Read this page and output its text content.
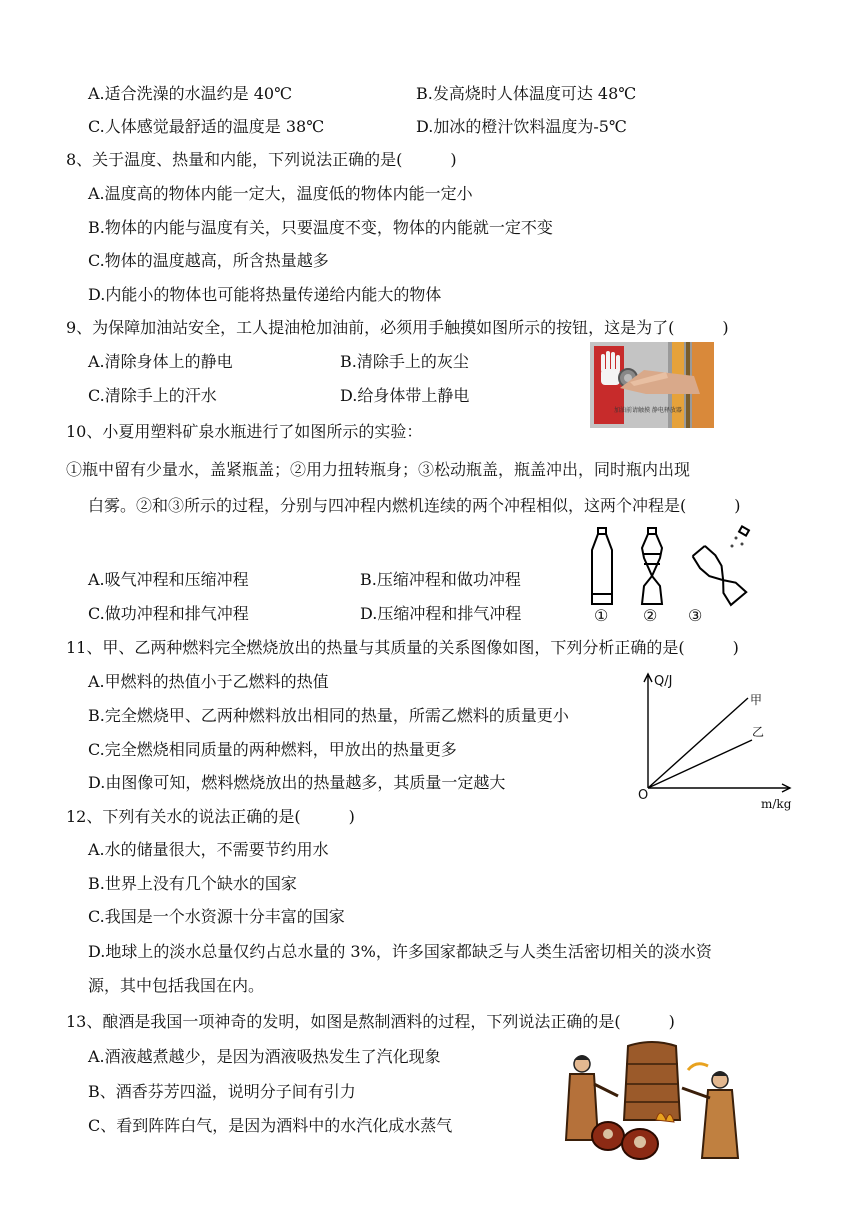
A.适合洗澡的水温约是 40℃	B.发高烧时人体温度可达 48℃
C.人体感觉最舒适的温度是 38℃	D.加冰的橙汁饮料温度为-5℃
8、关于温度、热量和内能，下列说法正确的是(　　　)
A.温度高的物体内能一定大，温度低的物体内能一定小
B.物体的内能与温度有关，只要温度不变，物体的内能就一定不变
C.物体的温度越高，所含热量越多
D.内能小的物体也可能将热量传递给内能大的物体
9、为保障加油站安全，工人提油枪加油前，必须用手触摸如图所示的按钮，这是为了(　　　)
A.清除身体上的静电	B.清除手上的灰尘
C.清除手上的汗水	D.给身体带上静电
加油前请触摸 静电释放器
10、小夏用塑料矿泉水瓶进行了如图所示的实验：
①瓶中留有少量水，盖紧瓶盖；②用力扭转瓶身；③松动瓶盖，瓶盖冲出，同时瓶内出现
白雾。②和③所示的过程，分别与四冲程内燃机连续的两个冲程相似，这两个冲程是(　　　)
A.吸气冲程和压缩冲程	B.压缩冲程和做功冲程
C.做功冲程和排气冲程	D.压缩冲程和排气冲程	① ② ③
11、甲、乙两种燃料完全燃烧放出的热量与其质量的关系图像如图，下列分析正确的是(　　　)
A.甲燃料的热值小于乙燃料的热值
B.完全燃烧甲、乙两种燃料放出相同的热量，所需乙燃料的质量更小
C.完全燃烧相同质量的两种燃料，甲放出的热量更多
D.由图像可知，燃料燃烧放出的热量越多，其质量一定越大
Q/J
m/kg
O
甲
乙
12、下列有关水的说法正确的是(　　　)
A.水的储量很大，不需要节约用水
B.世界上没有几个缺水的国家
C.我国是一个水资源十分丰富的国家
D.地球上的淡水总量仅约占总水量的 3%，许多国家都缺乏与人类生活密切相关的淡水资
源，其中包括我国在内。
13、酿酒是我国一项神奇的发明，如图是熬制酒料的过程，下列说法正确的是(　　　)
A.酒液越煮越少，是因为酒液吸热发生了汽化现象
B、酒香芬芳四溢，说明分子间有引力
C、看到阵阵白气，是因为酒料中的水汽化成水蒸气
